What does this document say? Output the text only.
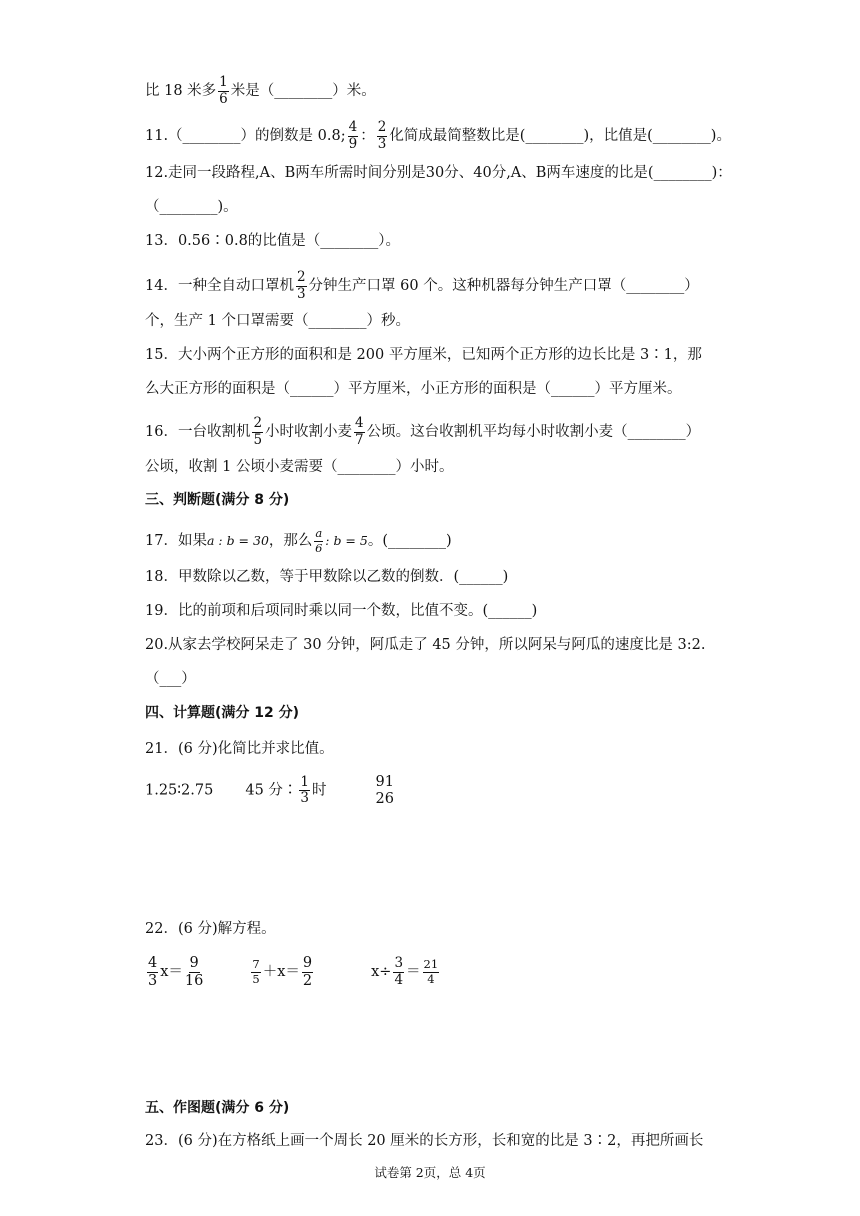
比 18 米多 $\frac{1}{6}$ 米是（________）米。
11.（________）的倒数是 0.8; $\frac{4}{9}$ ： $\frac{2}{3}$ 化简成最简整数比是(________)，比值是(________)。
12.走同一段路程,A、B两车所需时间分别是30分、40分,A、B两车速度的比是(________)：
（________)。
13．0.56∶0.8的比值是（________）。
14．一种全自动口罩机 $\frac{2}{3}$ 分钟生产口罩 60 个。这种机器每分钟生产口罩（________）
个，生产 1 个口罩需要（________）秒。
15．大小两个正方形的面积和是 200 平方厘米，已知两个正方形的边长比是 3∶1，那
么大正方形的面积是（______）平方厘米，小正方形的面积是（______）平方厘米。
16．一台收割机 $\frac{2}{5}$ 小时收割小麦 $\frac{4}{7}$ 公顷。这台收割机平均每小时收割小麦（________）
公顷，收割 1 公顷小麦需要（________）小时。
三、判断题(满分 8 分)
17．如果a : b = 30，那么 $\frac{a}{6}$ : b = 5。(________)
18．甲数除以乙数，等于甲数除以乙数的倒数．(______)
19．比的前项和后项同时乘以同一个数，比值不变。(______)
20.从家去学校阿呆走了 30 分钟，阿瓜走了 45 分钟，所以阿呆与阿瓜的速度比是 3:2.
（___）
四、计算题(满分 12 分)
21．(6 分)化简比并求比值。
1.25∶2.75 45 分∶ $\frac{1}{3}$ 时
91
26
22．(6 分)解方程。
$\frac{4}{3} x= \frac{9}{16}$	$\frac{7}{5} +x= \frac{9}{2}$	$x\div \frac{3}{4} = \frac{21}{4}$
五、作图题(满分 6 分)
23．(6 分)在方格纸上画一个周长 20 厘米的长方形，长和宽的比是 3∶2，再把所画长
试卷第 2页，总 4页
